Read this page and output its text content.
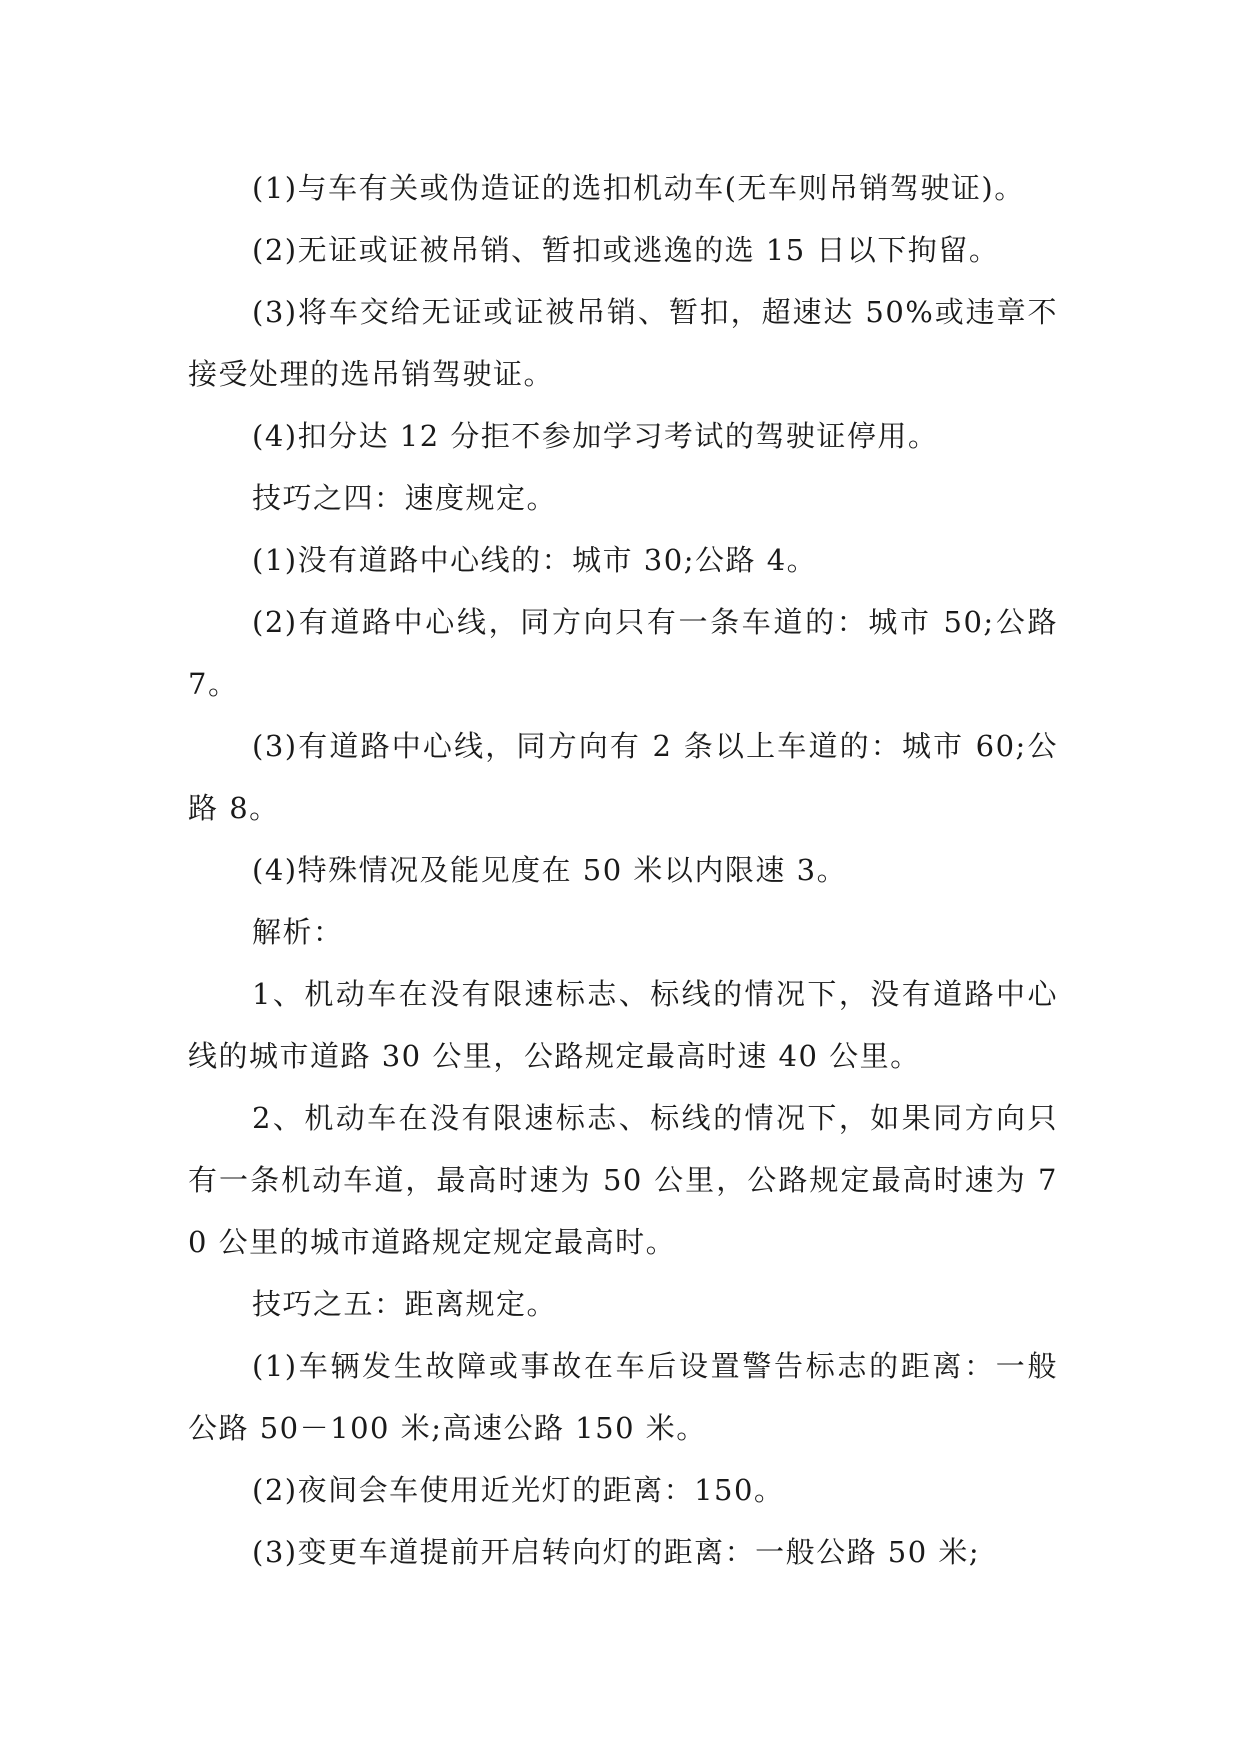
(1)与车有关或伪造证的选扣机动车(无车则吊销驾驶证)。

(2)无证或证被吊销、暂扣或逃逸的选 15 日以下拘留。

(3)将车交给无证或证被吊销、暂扣，超速达 50%或违章不接受处理的选吊销驾驶证。

(4)扣分达 12 分拒不参加学习考试的驾驶证停用。

技巧之四：速度规定。

(1)没有道路中心线的：城市 30;公路 4。

(2)有道路中心线，同方向只有一条车道的：城市 50;公路 7。

(3)有道路中心线，同方向有 2 条以上车道的：城市 60;公路 8。

(4)特殊情况及能见度在 50 米以内限速 3。

解析：

1、机动车在没有限速标志、标线的情况下，没有道路中心线的城市道路 30 公里，公路规定最高时速 40 公里。

2、机动车在没有限速标志、标线的情况下，如果同方向只有一条机动车道，最高时速为 50 公里，公路规定最高时速为 70 公里的城市道路规定规定最高时。

技巧之五：距离规定。

(1)车辆发生故障或事故在车后设置警告标志的距离：一般公路 50－100 米;高速公路 150 米。

(2)夜间会车使用近光灯的距离：150。

(3)变更车道提前开启转向灯的距离：一般公路 50 米;
